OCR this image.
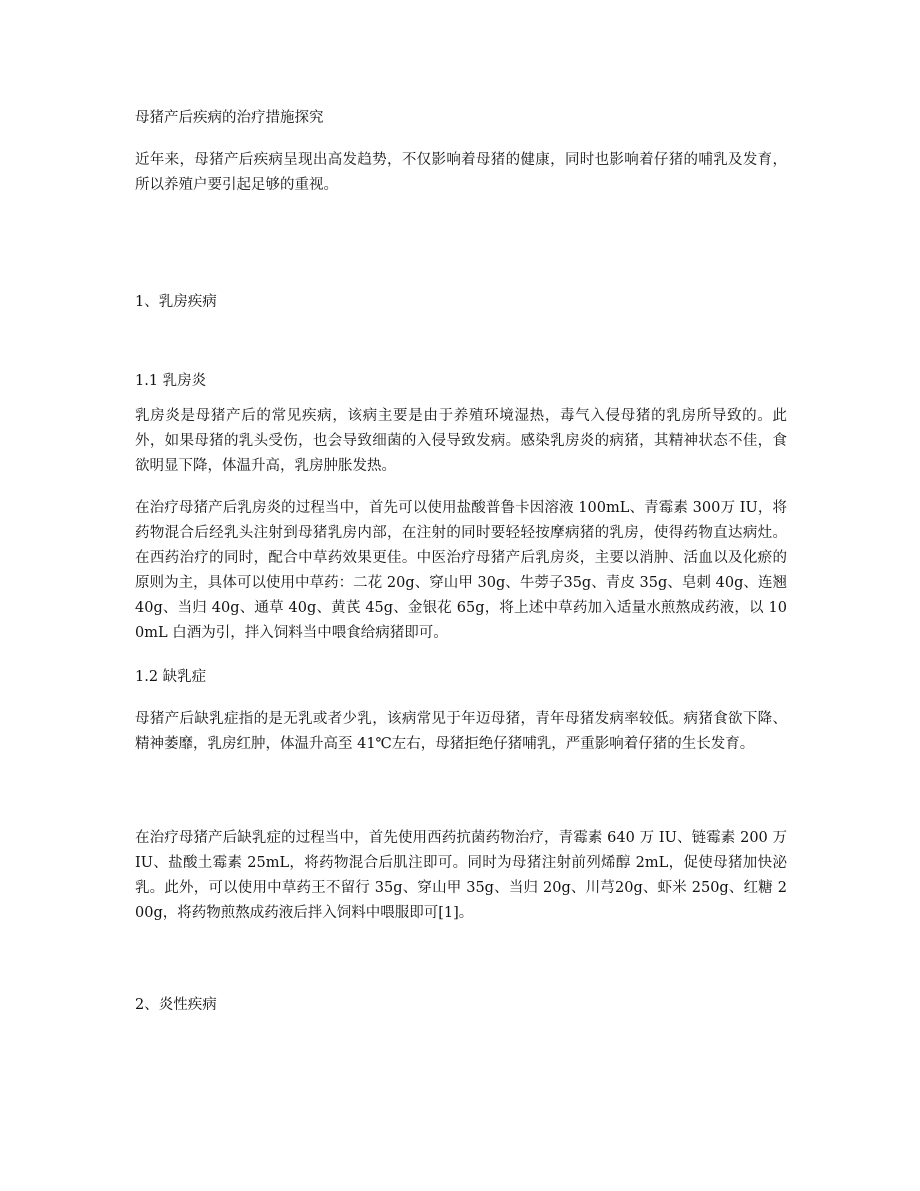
母猪产后疾病的治疗措施探究

近年来，母猪产后疾病呈现出高发趋势，不仅影响着母猪的健康，同时也影响着仔猪的哺乳及发育，所以养殖户要引起足够的重视。

1、乳房疾病

1.1 乳房炎

乳房炎是母猪产后的常见疾病，该病主要是由于养殖环境湿热，毒气入侵母猪的乳房所导致的。此外，如果母猪的乳头受伤，也会导致细菌的入侵导致发病。感染乳房炎的病猪，其精神状态不佳，食欲明显下降，体温升高，乳房肿胀发热。

在治疗母猪产后乳房炎的过程当中，首先可以使用盐酸普鲁卡因溶液 100mL、青霉素 300万 IU，将药物混合后经乳头注射到母猪乳房内部，在注射的同时要轻轻按摩病猪的乳房，使得药物直达病灶。在西药治疗的同时，配合中草药效果更佳。中医治疗母猪产后乳房炎，主要以消肿、活血以及化瘀的原则为主，具体可以使用中草药：二花 20g、穿山甲 30g、牛蒡子35g、青皮 35g、皂刺 40g、连翘 40g、当归 40g、通草 40g、黄芪 45g、金银花 65g，将上述中草药加入适量水煎熬成药液，以 100mL 白酒为引，拌入饲料当中喂食给病猪即可。

1.2 缺乳症

母猪产后缺乳症指的是无乳或者少乳，该病常见于年迈母猪，青年母猪发病率较低。病猪食欲下降、精神萎靡，乳房红肿，体温升高至 41℃左右，母猪拒绝仔猪哺乳，严重影响着仔猪的生长发育。

在治疗母猪产后缺乳症的过程当中，首先使用西药抗菌药物治疗，青霉素 640 万 IU、链霉素 200 万 IU、盐酸土霉素 25mL，将药物混合后肌注即可。同时为母猪注射前列烯醇 2mL，促使母猪加快泌乳。此外，可以使用中草药王不留行 35g、穿山甲 35g、当归 20g、川芎20g、虾米 250g、红糖 200g，将药物煎熬成药液后拌入饲料中喂服即可[1]。

2、炎性疾病
